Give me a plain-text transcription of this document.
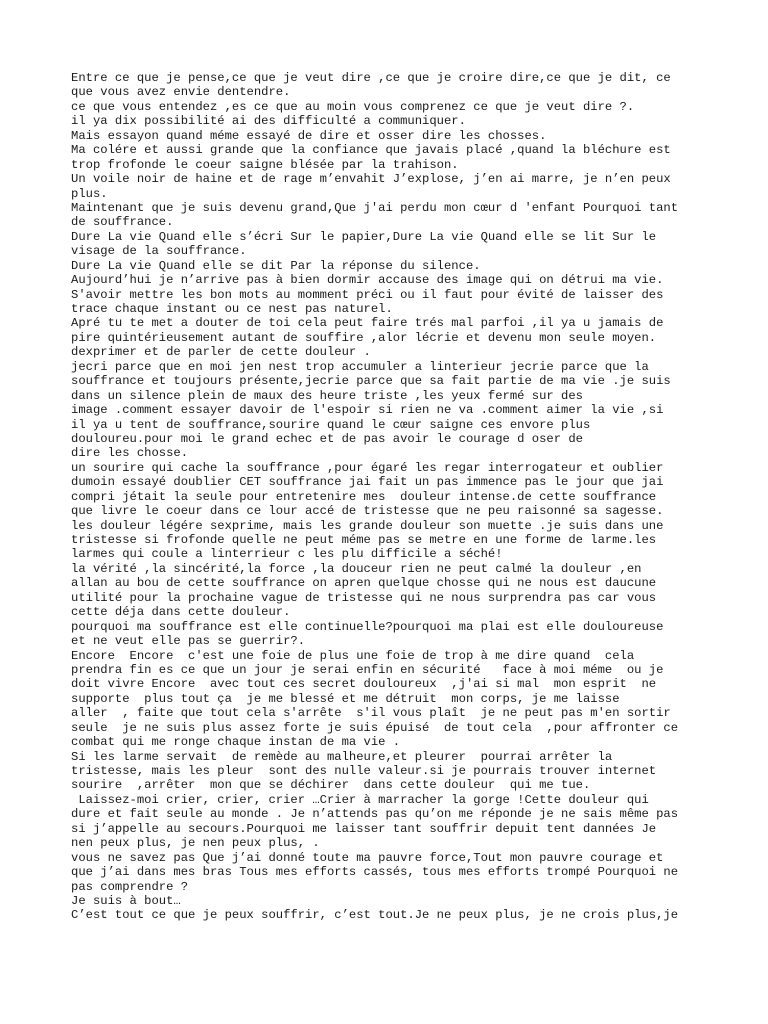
Entre ce que je pense,ce que je veut dire ,ce que je croire dire,ce que je dit, ce
que vous avez envie dentendre.
ce que vous entendez ,es ce que au moin vous comprenez ce que je veut dire ?.
il ya dix possibilité ai des difficulté a communiquer.
Mais essayon quand méme essayé de dire et osser dire les chosses.
Ma colére et aussi grande que la confiance que javais placé ,quand la bléchure est
trop frofonde le coeur saigne blésée par la trahison.
Un voile noir de haine et de rage m’envahit J’explose, j’en ai marre, je n’en peux
plus.
Maintenant que je suis devenu grand,Que j'ai perdu mon cœur d 'enfant Pourquoi tant
de souffrance.
Dure La vie Quand elle s’écri Sur le papier,Dure La vie Quand elle se lit Sur le
visage de la souffrance.
Dure La vie Quand elle se dit Par la réponse du silence.
Aujourd’hui je n’arrive pas à bien dormir accause des image qui on détrui ma vie.
S'avoir mettre les bon mots au momment préci ou il faut pour évité de laisser des
trace chaque instant ou ce nest pas naturel.
Apré tu te met a douter de toi cela peut faire trés mal parfoi ,il ya u jamais de
pire quintérieusement autant de souffire ,alor lécrie et devenu mon seule moyen.
dexprimer et de parler de cette douleur .
jecri parce que en moi jen nest trop accumuler a linterieur jecrie parce que la
souffrance et toujours présente,jecrie parce que sa fait partie de ma vie .je suis
dans un silence plein de maux des heure triste ,les yeux fermé sur des
image .comment essayer davoir de l'espoir si rien ne va .comment aimer la vie ,si
il ya u tent de souffrance,sourire quand le cœur saigne ces envore plus
douloureu.pour moi le grand echec et de pas avoir le courage d oser de
dire les chosse.
un sourire qui cache la souffrance ,pour égaré les regar interrogateur et oublier
dumoin essayé doublier CET souffrance jai fait un pas immence pas le jour que jai
compri jétait la seule pour entretenire mes  douleur intense.de cette souffrance
que livre le coeur dans ce lour accé de tristesse que ne peu raisonné sa sagesse.
les douleur légére sexprime, mais les grande douleur son muette .je suis dans une
tristesse si frofonde quelle ne peut méme pas se metre en une forme de larme.les
larmes qui coule a linterrieur c les plu difficile a séché!
la vérité ,la sincérité,la force ,la douceur rien ne peut calmé la douleur ,en
allan au bou de cette souffrance on apren quelque chosse qui ne nous est daucune
utilité pour la prochaine vague de tristesse qui ne nous surprendra pas car vous
cette déja dans cette douleur.
pourquoi ma souffrance est elle continuelle?pourquoi ma plai est elle douloureuse
et ne veut elle pas se guerrir?.
Encore  Encore  c'est une foie de plus une foie de trop à me dire quand  cela
prendra fin es ce que un jour je serai enfin en sécurité   face à moi méme  ou je
doit vivre Encore  avec tout ces secret douloureux  ,j'ai si mal  mon esprit  ne
supporte  plus tout ça  je me blessé et me détruit  mon corps, je me laisse
aller  , faite que tout cela s'arrête  s'il vous plaît  je ne peut pas m'en sortir
seule  je ne suis plus assez forte je suis épuisé  de tout cela  ,pour affronter ce
combat qui me ronge chaque instan de ma vie .
Si les larme servait  de remède au malheure,et pleurer  pourrai arrêter la
tristesse, mais les pleur  sont des nulle valeur.si je pourrais trouver internet
sourire  ,arrêter  mon que se déchirer  dans cette douleur  qui me tue.
Laissez-moi crier, crier, crier …Crier à marracher la gorge !Cette douleur qui
dure et fait seule au monde . Je n’attends pas qu’on me réponde je ne sais même pas
si j’appelle au secours.Pourquoi me laisser tant souffrir depuit tent dannées Je
nen peux plus, je nen peux plus, .
vous ne savez pas Que j’ai donné toute ma pauvre force,Tout mon pauvre courage et
que j’ai dans mes bras Tous mes efforts cassés, tous mes efforts trompé Pourquoi ne
pas comprendre ?
Je suis à bout…
C’est tout ce que je peux souffrir, c’est tout.Je ne peux plus, je ne crois plus,je
